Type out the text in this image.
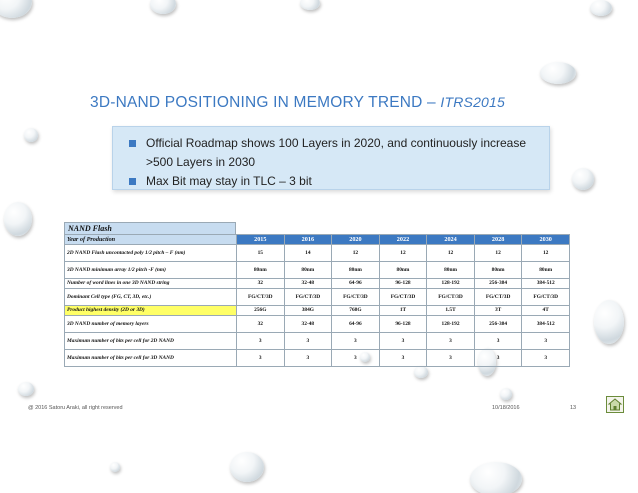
3D-NAND POSITIONING IN MEMORY TREND – ITRS2015
Official Roadmap shows 100 Layers in 2020, and continuously increase >500 Layers in 2030
Max Bit may stay in TLC – 3 bit
NAND Flash
Year of Production	2015	2016	2020	2022	2024	2028	2030
2D NAND Flash uncontacted poly 1/2 pitch – F (nm)	15	14	12	12	12	12	12
3D NAND minimum array 1/2 pitch -F (nm)	80nm	80nm	80nm	80nm	80nm	80nm	80nm
Number of word lines in one 3D NAND string	32	32-48	64-96	96-128	128-192	256-384	384-512
Dominant Cell type (FG, CT, 3D, etc.)	FG/CT/3D	FG/CT/3D	FG/CT/3D	FG/CT/3D	FG/CT/3D	FG/CT/3D	FG/CT/3D
Product highest density (2D or 3D)	256G	384G	768G	1T	1.5T	3T	4T
3D NAND number of memory layers	32	32-48	64-96	96-128	128-192	256-384	384-512
Maximum number of bits per cell for 2D NAND	3	3	3	3	3	3	3
Maximum number of bits per cell for 3D NAND	3	3	3	3	3	3	3
@ 2016 Satoru Araki, all right reserved	10/18/2016	13
